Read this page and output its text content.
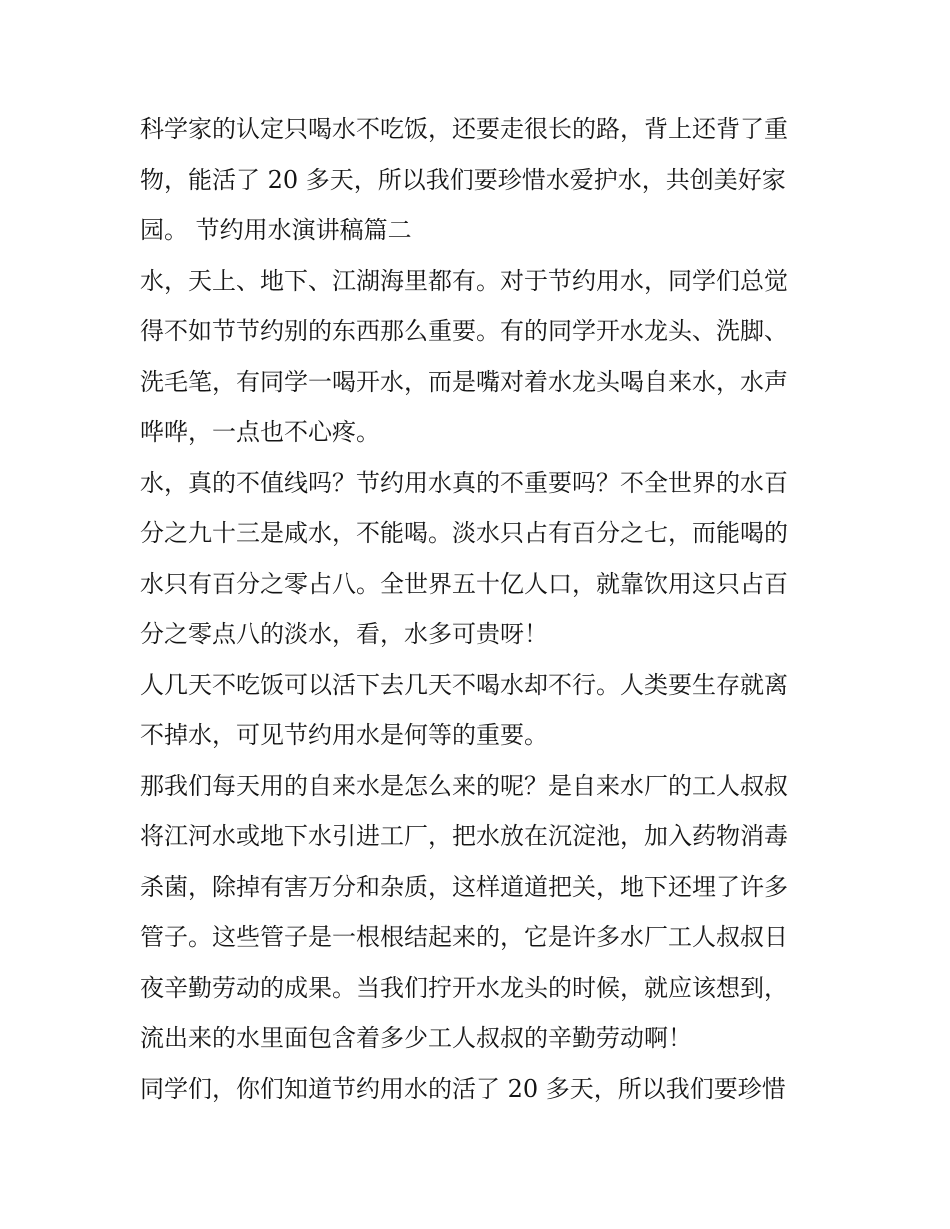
科学家的认定只喝水不吃饭，还要走很长的路，背上还背了重
物，能活了 20 多天，所以我们要珍惜水爱护水，共创美好家
园。 节约用水演讲稿篇二

水，天上、地下、江湖海里都有。对于节约用水，同学们总觉
得不如节节约别的东西那么重要。有的同学开水龙头、洗脚、
洗毛笔，有同学一喝开水，而是嘴对着水龙头喝自来水，水声
哗哗，一点也不心疼。

水，真的不值线吗？节约用水真的不重要吗？不全世界的水百
分之九十三是咸水，不能喝。淡水只占有百分之七，而能喝的
水只有百分之零占八。全世界五十亿人口，就靠饮用这只占百
分之零点八的淡水，看，水多可贵呀！

人几天不吃饭可以活下去几天不喝水却不行。人类要生存就离
不掉水，可见节约用水是何等的重要。

那我们每天用的自来水是怎么来的呢？是自来水厂的工人叔叔
将江河水或地下水引进工厂，把水放在沉淀池，加入药物消毒
杀菌，除掉有害万分和杂质，这样道道把关，地下还埋了许多
管子。这些管子是一根根结起来的，它是许多水厂工人叔叔日
夜辛勤劳动的成果。当我们拧开水龙头的时候，就应该想到，
流出来的水里面包含着多少工人叔叔的辛勤劳动啊！

同学们，你们知道节约用水的活了 20 多天，所以我们要珍惜
